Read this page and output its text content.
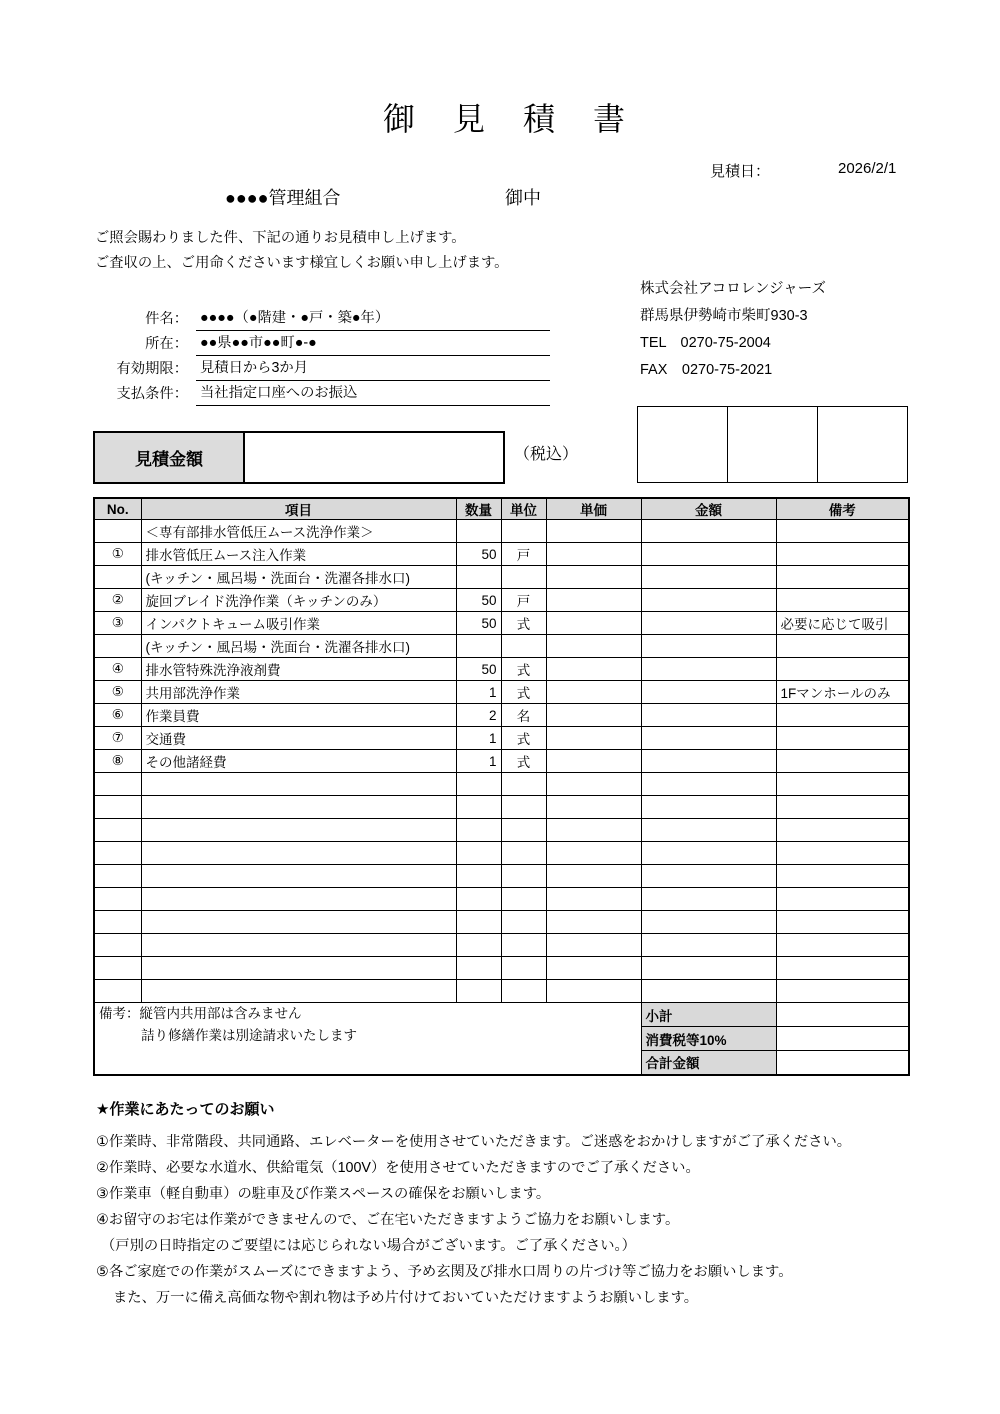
御見積書
見積日：	2026/2/1
●●●●管理組合	御中
ご照会賜わりました件、下記の通りお見積申し上げます。
ご査収の上、ご用命くださいます様宜しくお願い申し上げます。
株式会社アコロレンジャーズ
群馬県伊勢崎市柴町930-3
TEL　0270-75-2004
FAX　0270-75-2021
件名： ●●●●（●階建・●戸・築●年）
所在： ●●県●●市●●町●-●
有効期限： 見積日から3か月
支払条件： 当社指定口座へのお振込
見積金額	（税込）
No.	項目	数量	単位	単価	金額	備考
	＜専有部排水管低圧ムース洗浄作業＞					
①	排水管低圧ムース注入作業	50	戸			
	(キッチン・風呂場・洗面台・洗濯各排水口)					
②	旋回ブレイド洗浄作業（キッチンのみ）	50	戸			
③	インパクトキューム吸引作業	50	式			必要に応じて吸引
	(キッチン・風呂場・洗面台・洗濯各排水口)					
④	排水管特殊洗浄液剤費	50	式			
⑤	共用部洗浄作業	1	式			1Fマンホールのみ
⑥	作業員費	2	名			
⑦	交通費	1	式			
⑧	その他諸経費	1	式			

備考：縦管内共用部は含みません
詰り修繕作業は別途請求いたします					小計	
					消費税等10%	
					合計金額	
★作業にあたってのお願い
①作業時、非常階段、共同通路、エレベーターを使用させていただきます。ご迷惑をおかけしますがご了承ください。
②作業時、必要な水道水、供給電気（100V）を使用させていただきますのでご了承ください。
③作業車（軽自動車）の駐車及び作業スペースの確保をお願いします。
④お留守のお宅は作業ができませんので、ご在宅いただきますようご協力をお願いします。
（戸別の日時指定のご要望には応じられない場合がございます。ご了承ください。）
⑤各ご家庭での作業がスムーズにできますよう、予め玄関及び排水口周りの片づけ等ご協力をお願いします。
また、万一に備え高価な物や割れ物は予め片付けておいていただけますようお願いします。
